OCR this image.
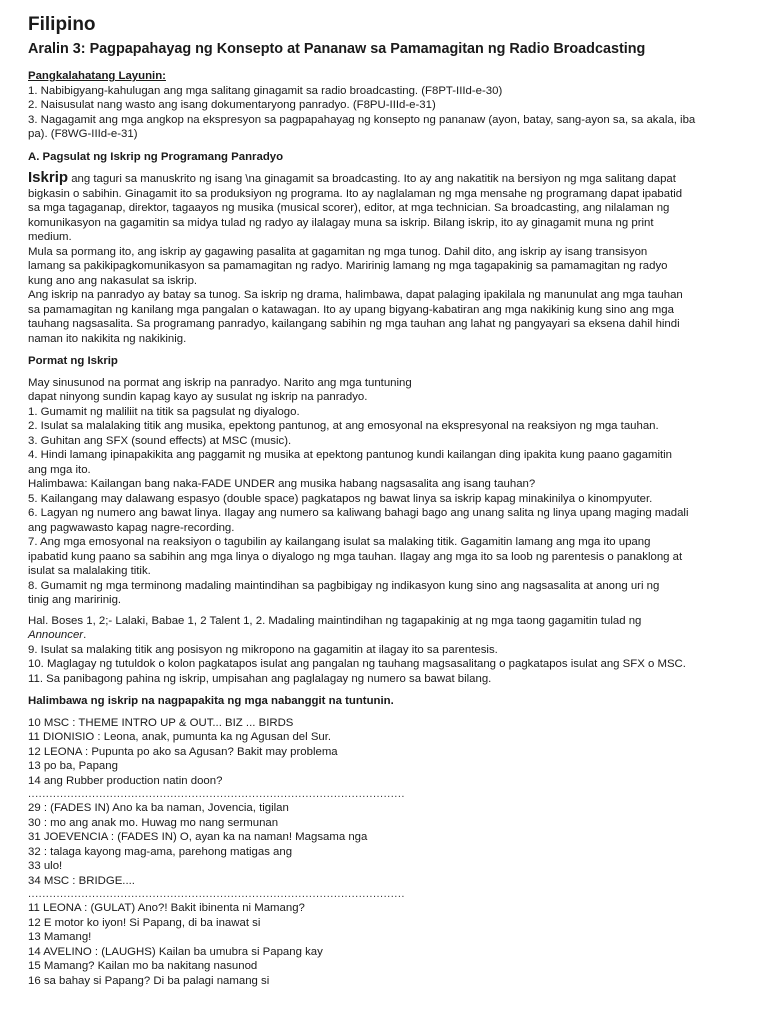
Filipino
Aralin 3: Pagpapahayag ng Konsepto at Pananaw sa Pamamagitan ng Radio Broadcasting
Pangkalahatang Layunin:
1. Nabibigyang-kahulugan ang mga salitang ginagamit sa radio broadcasting. (F8PT-IIId-e-30)
2. Naisusulat nang wasto ang isang dokumentaryong panradyo. (F8PU-IIId-e-31)
3. Nagagamit ang mga angkop na ekspresyon sa pagpapahayag ng konsepto ng pananaw (ayon, batay, sang-ayon sa, sa akala, iba
pa). (F8WG-IIId-e-31)
A. Pagsulat ng Iskrip ng Programang Panradyo
Iskrip ang taguri sa manuskrito ng isang \na ginagamit sa broadcasting. Ito ay ang nakatitik na bersiyon ng mga salitang dapat
bigkasin o sabihin. Ginagamit ito sa produksiyon ng programa. Ito ay naglalaman ng mga mensahe ng programang dapat ipabatid
sa mga tagaganap, direktor, tagaayos ng musika (musical scorer), editor, at mga technician. Sa broadcasting, ang nilalaman ng
komunikasyon na gagamitin sa midya tulad ng radyo ay ilalagay muna sa iskrip. Bilang iskrip, ito ay ginagamit muna ng print
medium.
Mula sa pormang ito, ang iskrip ay gagawing pasalita at gagamitan ng mga tunog. Dahil dito, ang iskrip ay isang transisyon
lamang sa pakikipagkomunikasyon sa pamamagitan ng radyo. Maririnig lamang ng mga tagapakinig sa pamamagitan ng radyo
kung ano ang nakasulat sa iskrip.
Ang iskrip na panradyo ay batay sa tunog. Sa iskrip ng drama, halimbawa, dapat palaging ipakilala ng manunulat ang mga tauhan
sa pamamagitan ng kanilang mga pangalan o katawagan. Ito ay upang bigyang-kabatiran ang mga nakikinig kung sino ang mga
tauhang nagsasalita. Sa programang panradyo, kailangang sabihin ng mga tauhan ang lahat ng pangyayari sa eksena dahil hindi
naman ito nakikita ng nakikinig.
Pormat ng Iskrip
May sinusunod na pormat ang iskrip na panradyo. Narito ang mga tuntuning
dapat ninyong sundin kapag kayo ay susulat ng iskrip na panradyo.
1. Gumamit ng maliliit na titik sa pagsulat ng diyalogo.
2. Isulat sa malalaking titik ang musika, epektong pantunog, at ang emosyonal na ekspresyonal na reaksiyon ng mga tauhan.
3. Guhitan ang SFX (sound effects) at MSC (music).
4. Hindi lamang ipinapakikita ang paggamit ng musika at epektong pantunog kundi kailangan ding ipakita kung paano gagamitin
ang mga ito.
Halimbawa: Kailangan bang naka-FADE UNDER ang musika habang nagsasalita ang isang tauhan?
5. Kailangang may dalawang espasyo (double space) pagkatapos ng bawat linya sa iskrip kapag minakinilya o kinompyuter.
6. Lagyan ng numero ang bawat linya. Ilagay ang numero sa kaliwang bahagi bago ang unang salita ng linya upang maging madali
ang pagwawasto kapag nagre-recording.
7. Ang mga emosyonal na reaksiyon o tagubilin ay kailangang isulat sa malaking titik. Gagamitin lamang ang mga ito upang
ipabatid kung paano sa sabihin ang mga linya o diyalogo ng mga tauhan. Ilagay ang mga ito sa loob ng parentesis o panaklong at
isulat sa malalaking titik.
8. Gumamit ng mga terminong madaling maintindihan sa pagbibigay ng indikasyon kung sino ang nagsasalita at anong uri ng
tinig ang maririnig.
Hal. Boses 1, 2;- Lalaki, Babae 1, 2 Talent 1, 2. Madaling maintindihan ng tagapakinig at ng mga taong gagamitin tulad ng
Announcer.
9. Isulat sa malaking titik ang posisyon ng mikropono na gagamitin at ilagay ito sa parentesis.
10. Maglagay ng tutuldok o kolon pagkatapos isulat ang pangalan ng tauhang magsasalitang o pagkatapos isulat ang SFX o MSC.
11. Sa panibagong pahina ng iskrip, umpisahan ang paglalagay ng numero sa bawat bilang.
Halimbawa ng iskrip na nagpapakita ng mga nabanggit na tuntunin.
10 MSC : THEME INTRO UP & OUT... BIZ ... BIRDS
11 DIONISIO : Leona, anak, pumunta ka ng Agusan del Sur.
12 LEONA : Pupunta po ako sa Agusan? Bakit may problema
13 po ba, Papang
14 ang Rubber production natin doon?
..........................................................................................................
29 : (FADES IN) Ano ka ba naman, Jovencia, tigilan
30 : mo ang anak mo. Huwag mo nang sermunan
31 JOEVENCIA : (FADES IN) O, ayan ka na naman! Magsama nga
32 : talaga kayong mag-ama, parehong matigas ang
33 ulo!
34 MSC : BRIDGE....
..........................................................................................................
11 LEONA : (GULAT) Ano?! Bakit ibinenta ni Mamang?
12 E motor ko iyon! Si Papang, di ba inawat si
13 Mamang!
14 AVELINO : (LAUGHS) Kailan ba umubra si Papang kay
15 Mamang? Kailan mo ba nakitang nasunod
16 sa bahay si Papang? Di ba palagi namang si
